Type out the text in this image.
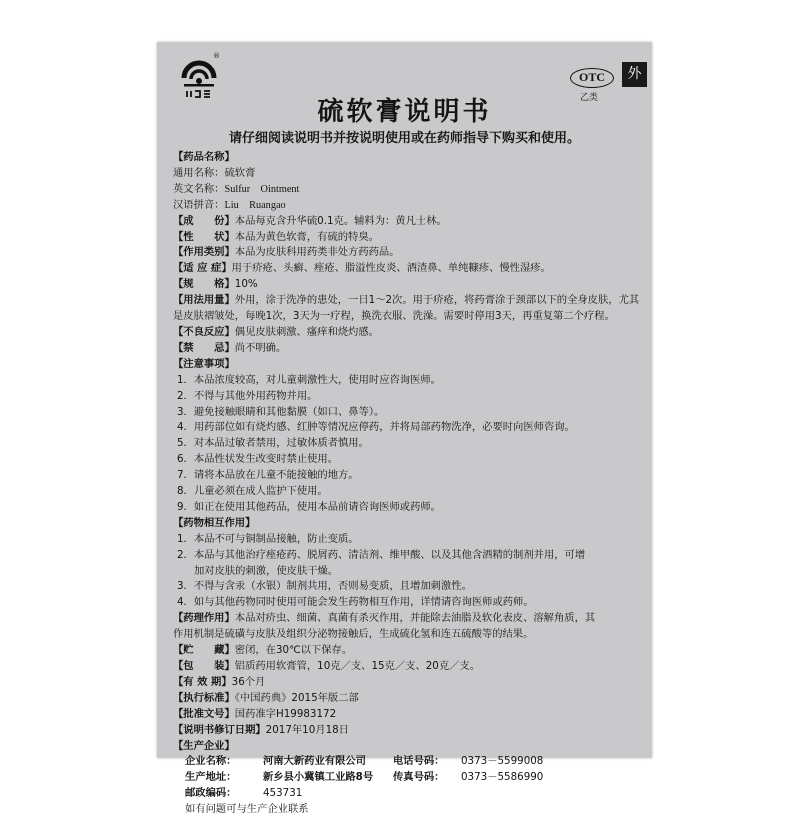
®
OTC	外
乙类
硫软膏说明书
请仔细阅读说明书并按说明使用或在药师指导下购买和使用。
【药品名称】
通用名称：硫软膏
英文名称：Sulfur　Ointment
汉语拼音：Liu　Ruangao
【成　　份】本品每克含升华硫0.1克。辅料为：黄凡士林。
【性　　状】本品为黄色软膏，有硫的特臭。
【作用类别】本品为皮肤科用药类非处方药药品。
【适 应 症】用于疥疮、头癣、痤疮、脂溢性皮炎、酒渣鼻、单纯糠疹、慢性湿疹。
【规　　格】10%
【用法用量】外用，涂于洗净的患处，一日1～2次。用于疥疮，将药膏涂于颈部以下的全身皮肤，尤其是皮肤褶皱处，每晚1次，3天为一疗程，换洗衣服、洗澡。需要时停用3天，再重复第二个疗程。
【不良反应】偶见皮肤刺激、瘙痒和烧灼感。
【禁　　忌】尚不明确。
【注意事项】
1．本品浓度较高，对儿童刺激性大，使用时应咨询医师。
2．不得与其他外用药物并用。
3．避免接触眼睛和其他黏膜（如口、鼻等）。
4．用药部位如有烧灼感、红肿等情况应停药，并将局部药物洗净，必要时向医师咨询。
5．对本品过敏者禁用，过敏体质者慎用。
6．本品性状发生改变时禁止使用。
7．请将本品放在儿童不能接触的地方。
8．儿童必须在成人监护下使用。
9．如正在使用其他药品，使用本品前请咨询医师或药师。
【药物相互作用】
1．本品不可与铜制品接触，防止变质。
2．本品与其他治疗痤疮药、脱屑药、清洁剂、维甲酸、以及其他含酒精的制剂并用，可增
加对皮肤的刺激，使皮肤干燥。
3．不得与含汞（水银）制剂共用，否则易变质，且增加刺激性。
4．如与其他药物同时使用可能会发生药物相互作用，详情请咨询医师或药师。
【药理作用】本品对疥虫、细菌、真菌有杀灭作用，并能除去油脂及软化表皮、溶解角质，其
作用机制是硫磺与皮肤及组织分泌物接触后，生成硫化氢和连五硫酸等的结果。
【贮　　藏】密闭，在30℃以下保存。
【包　　装】铝质药用软膏管，10克／支、15克／支、20克／支。
【有 效 期】36个月
【执行标准】《中国药典》2015年版二部
【批准文号】国药准字H19983172
【说明书修订日期】2017年10月18日
【生产企业】
企业名称：	河南大新药业有限公司	电话号码：	0373－5599008
生产地址：	新乡县小冀镇工业路8号	传真号码：	0373－5586990
邮政编码：	453731
如有问题可与生产企业联系
